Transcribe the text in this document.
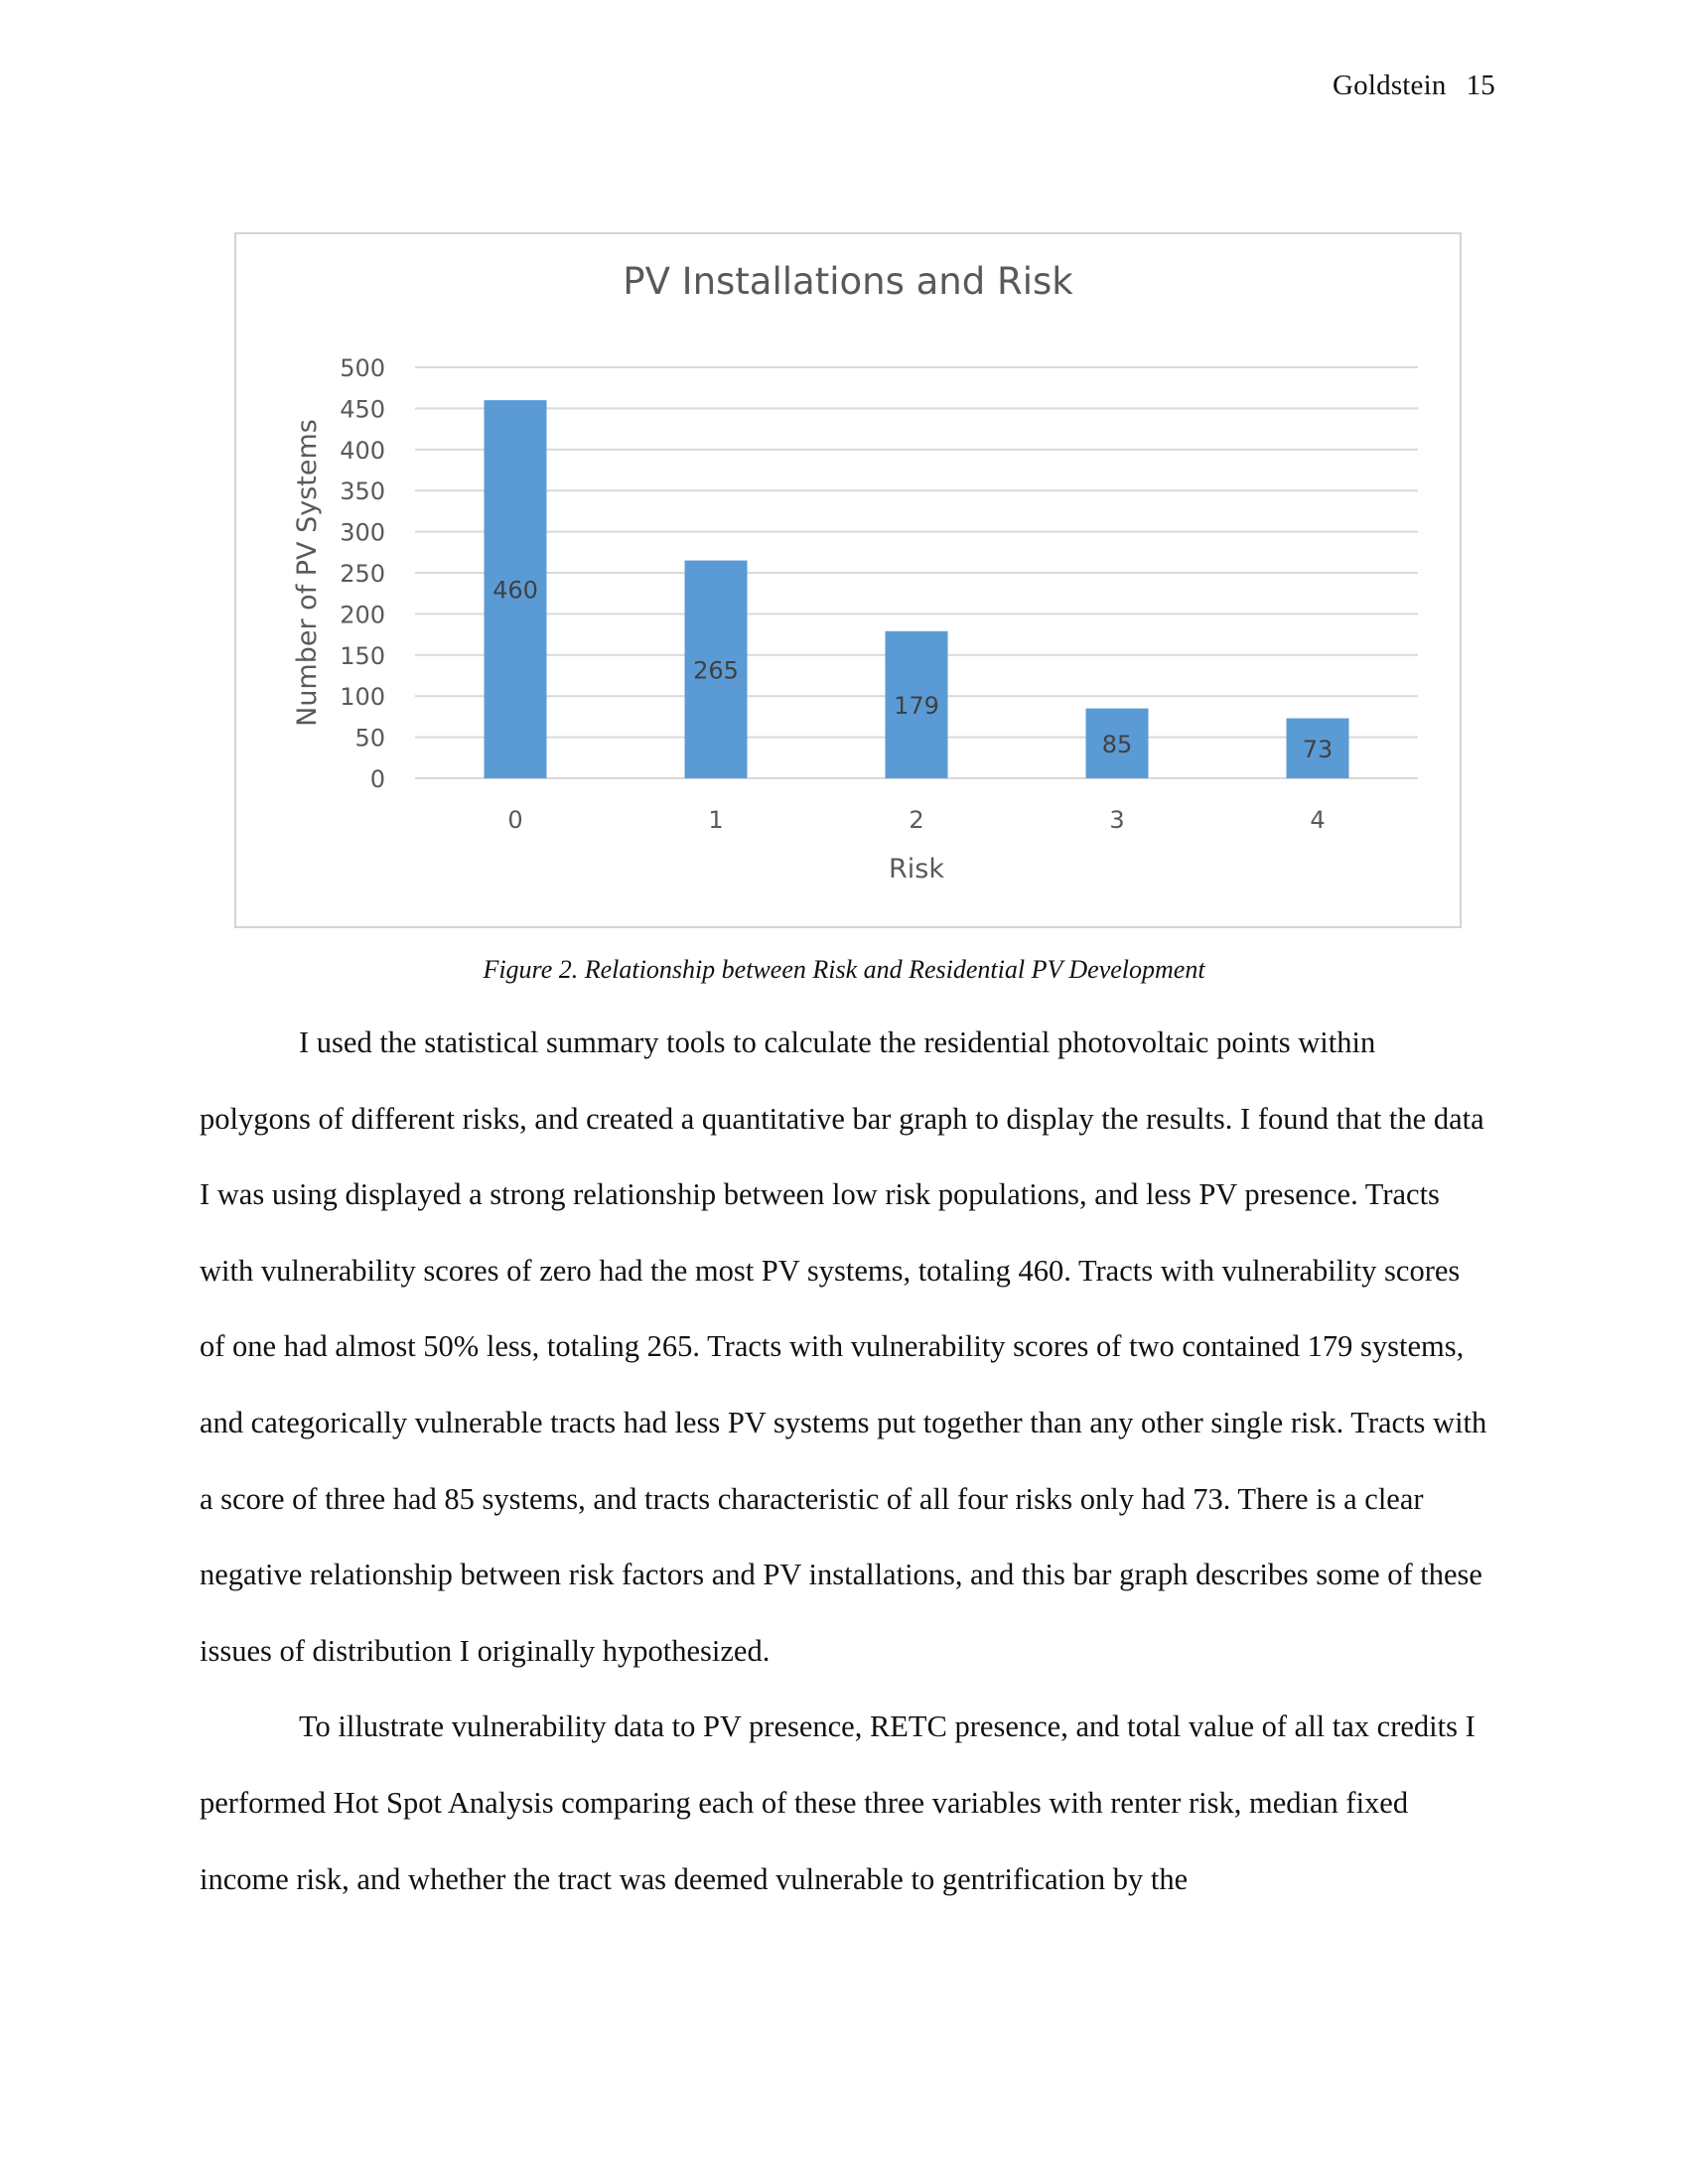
Goldstein 15
PV Installations and Risk
0
50
100
150
200
250
300
350
400
450
500
460
0
265
1
179
2
85
3
73
4
Risk
Number of PV Systems
Figure 2. Relationship between Risk and Residential PV Development

I used the statistical summary tools to calculate the residential photovoltaic points within polygons of different risks, and created a quantitative bar graph to display the results. I found that the data I was using displayed a strong relationship between low risk populations, and less PV presence. Tracts with vulnerability scores of zero had the most PV systems, totaling 460. Tracts with vulnerability scores of one had almost 50% less, totaling 265. Tracts with vulnerability scores of two contained 179 systems, and categorically vulnerable tracts had less PV systems put together than any other single risk. Tracts with a score of three had 85 systems, and tracts characteristic of all four risks only had 73. There is a clear negative relationship between risk factors and PV installations, and this bar graph describes some of these issues of distribution I originally hypothesized.

To illustrate vulnerability data to PV presence, RETC presence, and total value of all tax credits I performed Hot Spot Analysis comparing each of these three variables with renter risk, median fixed income risk, and whether the tract was deemed vulnerable to gentrification by the
